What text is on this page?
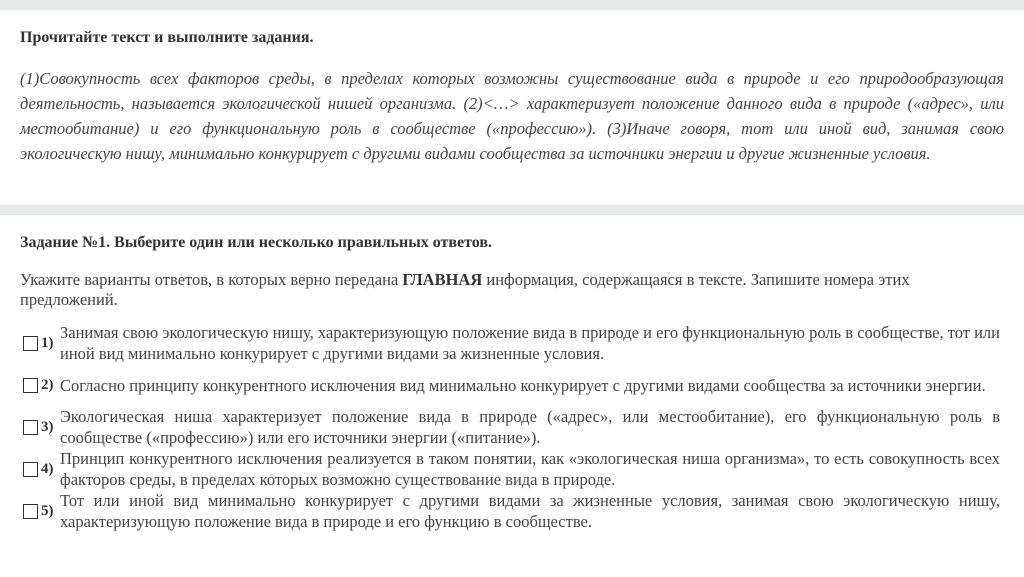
Прочитайте текст и выполните задания.
(1)Совокупность всех факторов среды, в пределах которых возможны существование вида в природе и его природообразующая деятельность, называется экологической нишей организма. (2)<…> характеризует положение данного вида в природе («адрес», или местообитание) и его функциональную роль в сообществе («профессию»). (3)Иначе говоря, тот или иной вид, занимая свою экологическую нишу, минимально конкурирует с другими видами сообщества за источники энергии и другие жизненные условия.
Задание №1. Выберите один или несколько правильных ответов.
Укажите варианты ответов, в которых верно передана ГЛАВНАЯ информация, содержащаяся в тексте. Запишите номера этих предложений.
1)
Занимая свою экологическую нишу, характеризующую положение вида в природе и его функциональную роль в сообществе, тот или иной вид минимально конкурирует с другими видами за жизненные условия.
2) Согласно принципу конкурентного исключения вид минимально конкурирует с другими видами сообщества за источники энергии.
3)
Экологическая ниша характеризует положение вида в природе («адрес», или местообитание), его функциональную роль в сообществе («профессию») или его источники энергии («питание»).
4)
Принцип конкурентного исключения реализуется в таком понятии, как «экологическая ниша организма», то есть совокупность всех факторов среды, в пределах которых возможно существование вида в природе.
5)
Тот или иной вид минимально конкурирует с другими видами за жизненные условия, занимая свою экологическую нишу, характеризующую положение вида в природе и его функцию в сообществе.
